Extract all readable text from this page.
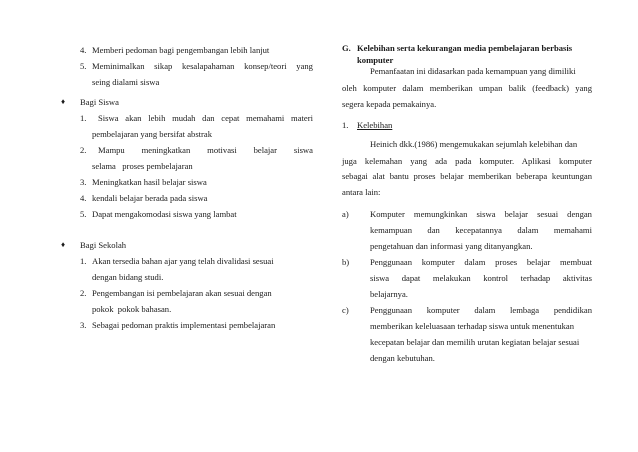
4. Memberi pedoman bagi pengembangan lebih lanjut
5. Meminimalkan sikap kesalapahaman konsep/teori yang
seing dialami siswa
♦ Bagi Siswa
1. Siswa akan lebih mudah dan cepat memahami materi
pembelajaran yang bersifat abstrak
2. Mampu meningkatkan motivasi belajar siswa
selama   proses pembelajaran
3. Meningkatkan hasil belajar siswa
4. kendali belajar berada pada siswa
5. Dapat mengakomodasi siswa yang lambat
♦ Bagi Sekolah
1. Akan tersedia bahan ajar yang telah divalidasi sesuai
dengan bidang studi.
2. Pengembangan isi pembelajaran akan sesuai dengan
pokok  pokok bahasan.
3. Sebagai pedoman praktis implementasi pembelajaran
G. Kelebihan serta kekurangan media pembelajaran berbasis
komputer
Pemanfaatan ini didasarkan pada kemampuan yang dimiliki
oleh komputer dalam memberikan umpan balik (feedback) yang
segera kepada pemakainya.
1. Kelebihan
Heinich dkk.(1986) mengemukakan sejumlah kelebihan dan
juga kelemahan yang ada pada komputer. Aplikasi komputer
sebagai alat bantu proses belajar memberikan beberapa keuntungan
antara lain:
a) Komputer memungkinkan siswa belajar sesuai dengan
kemampuan dan kecepatannya dalam memahami
pengetahuan dan informasi yang ditanyangkan.
b) Penggunaan komputer dalam proses belajar membuat
siswa dapat melakukan kontrol terhadap aktivitas
belajarnya.
c) Penggunaan komputer dalam lembaga pendidikan
memberikan keleluasaan terhadap siswa untuk menentukan
kecepatan belajar dan memilih urutan kegiatan belajar sesuai
dengan kebutuhan.
